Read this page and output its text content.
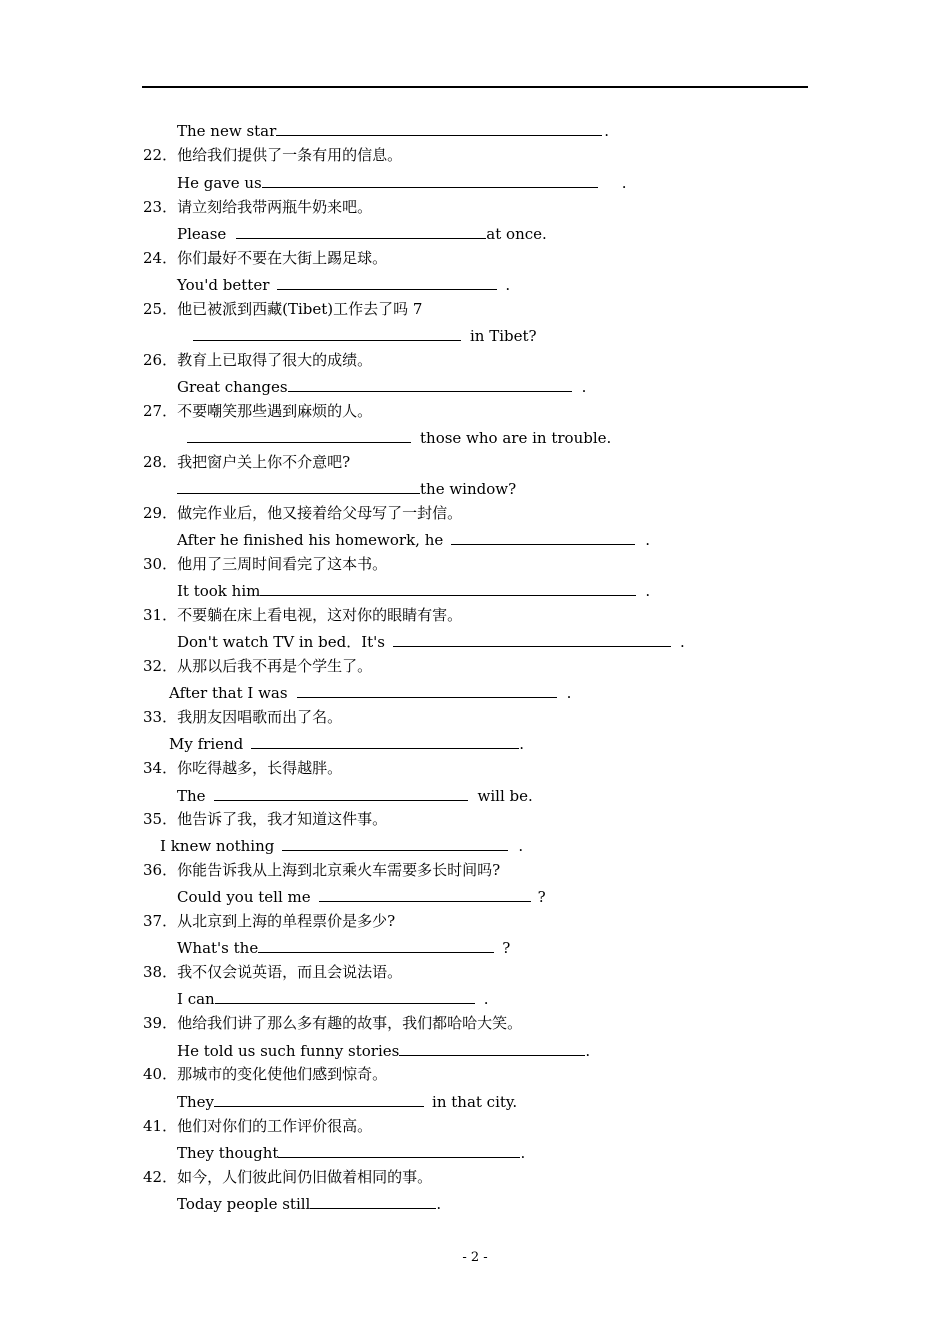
The new star	.
22．他给我们提供了一条有用的信息。
He gave us	.
23．请立刻给我带两瓶牛奶来吧。
Please	at once.
24．你们最好不要在大街上踢足球。
You'd better	.
25．他已被派到西藏(Tibet)工作去了吗 7
in Tibet?
26．教育上已取得了很大的成绩。
Great changes	.
27．不要嘲笑那些遇到麻烦的人。
those who are in trouble.
28．我把窗户关上你不介意吧?
the window?
29．做完作业后，他又接着给父母写了一封信。
After he finished his homework, he	.
30．他用了三周时间看完了这本书。
It took him	.
31．不要躺在床上看电视，这对你的眼睛有害。
Don't watch TV in bed．It's	.
32．从那以后我不再是个学生了。
After that I was	.
33．我朋友因唱歌而出了名。
My friend	.
34．你吃得越多，长得越胖。
The	will be.
35．他告诉了我，我才知道这件事。
I knew nothing	.
36．你能告诉我从上海到北京乘火车需要多长时间吗?
Could you tell me	?
37．从北京到上海的单程票价是多少?
What's the	?
38．我不仅会说英语，而且会说法语。
I can	.
39．他给我们讲了那么多有趣的故事，我们都哈哈大笑。
He told us such funny stories	.
40．那城市的变化使他们感到惊奇。
They	in that city.
41．他们对你们的工作评价很高。
They thought	.
42．如今，人们彼此间仍旧做着相同的事。
Today people still	.
- 2 -
